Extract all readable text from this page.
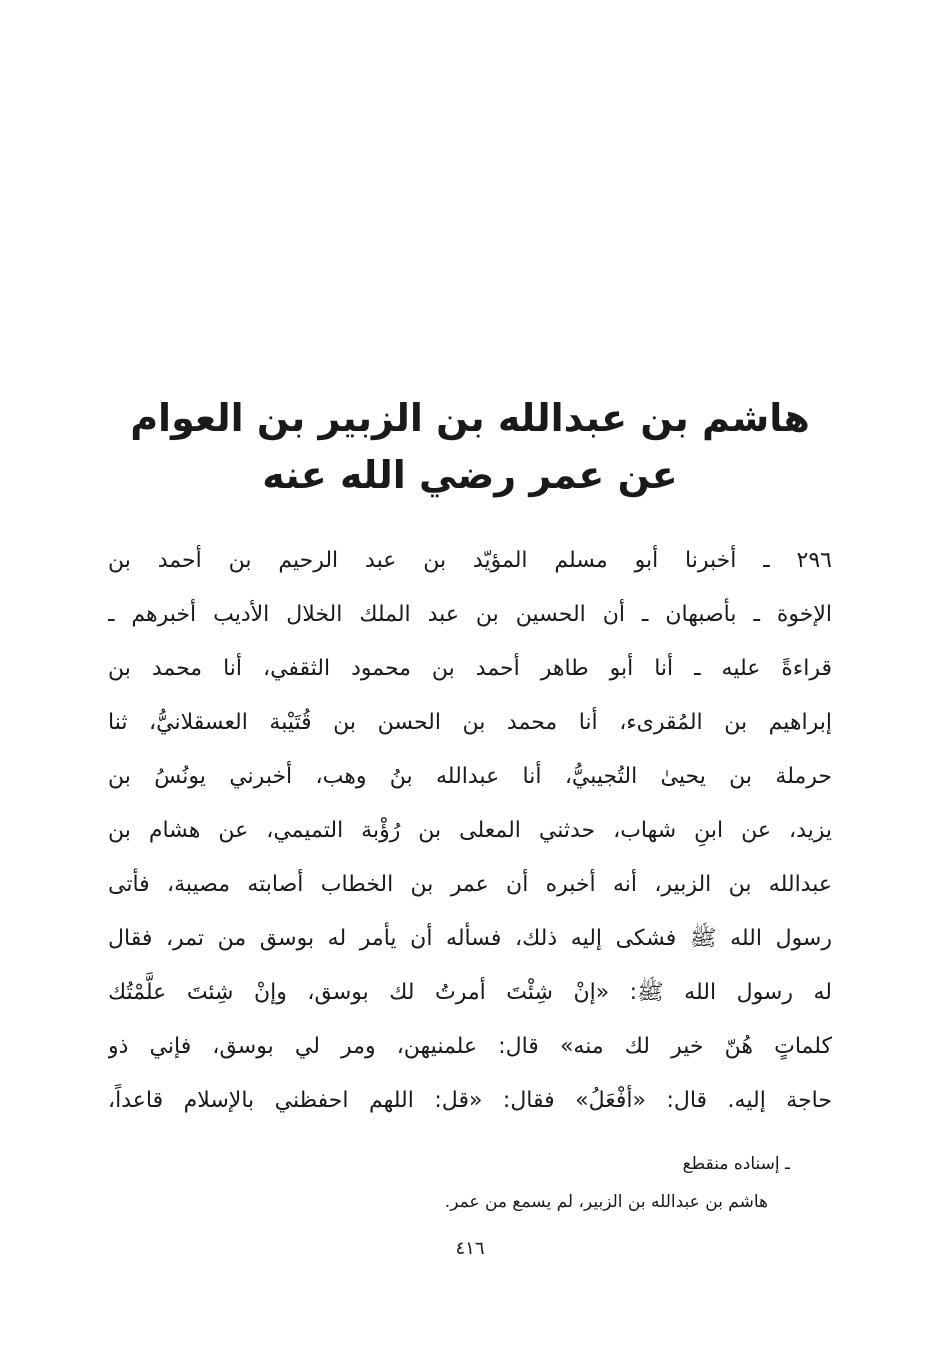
هاشم بن عبدالله بن الزبير بن العوام
عن عمر رضي الله عنه
٢٩٦ ـ أخبرنا أبو مسلم المؤيّد بن عبد الرحيم بن أحمد بن
الإخوة ـ بأصبهان ـ أن الحسين بن عبد الملك الخلال الأديب أخبرهم ـ
قراءةً عليه ـ أنا أبو طاهر أحمد بن محمود الثقفي، أنا محمد بن
إبراهيم بن المُقرىء، أنا محمد بن الحسن بن قُتَيْبة العسقلانيُّ، ثنا
حرملة بن يحيىٰ التُجيبيُّ، أنا عبدالله بنُ وهب، أخبرني يونُسُ بن
يزيد، عن ابنِ شهاب، حدثني المعلى بن رُؤْبة التميمي، عن هشام بن
عبدالله بن الزبير، أنه أخبره أن عمر بن الخطاب أصابته مصيبة، فأتى
رسول الله ﷺ فشكى إليه ذلك، فسأله أن يأمر له بوسق من تمر، فقال
له رسول الله ﷺ: «إنْ شِئْتَ أمرتُ لك بوسق، وإنْ شِئتَ علَّمْتُك
كلماتٍ هُنّ خير لك منه» قال: علمنيهن، ومر لي بوسق، فإني ذو
حاجة إليه. قال: «أفْعَلُ» فقال: «قل: اللهم احفظني بالإسلام قاعداً،
ـ إسناده منقطع
هاشم بن عبدالله بن الزبير، لم يسمع من عمر.
٤١٦
